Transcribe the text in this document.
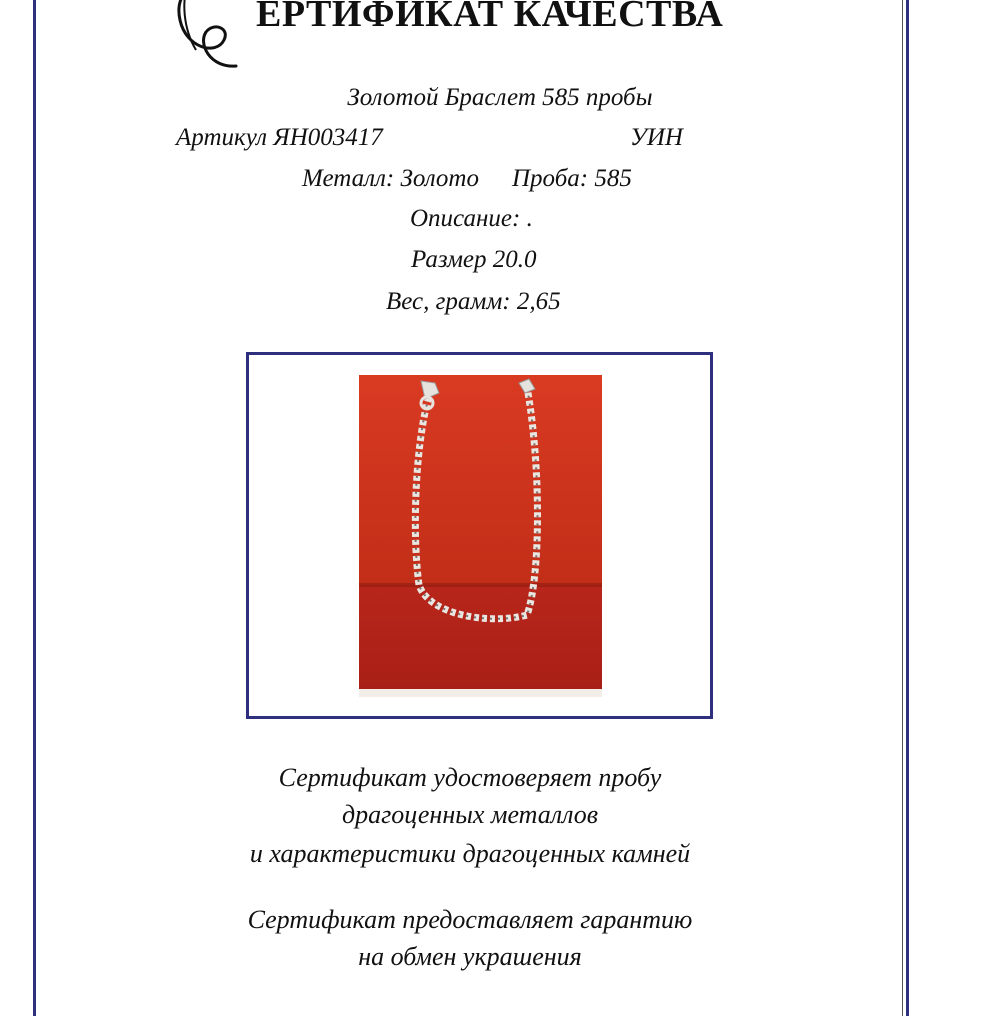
ЕРТИФИКАТ КАЧЕСТВА
Золотой Браслет 585 пробы
Артикул ЯН003417	УИН
Металл: Золото Проба: 585
Описание: .
Размер 20.0
Вес, грамм: 2,65
Сертификат удостоверяет пробу
драгоценных металлов
и характеристики драгоценных камней
Сертификат предоставляет гарантию
на обмен украшения
